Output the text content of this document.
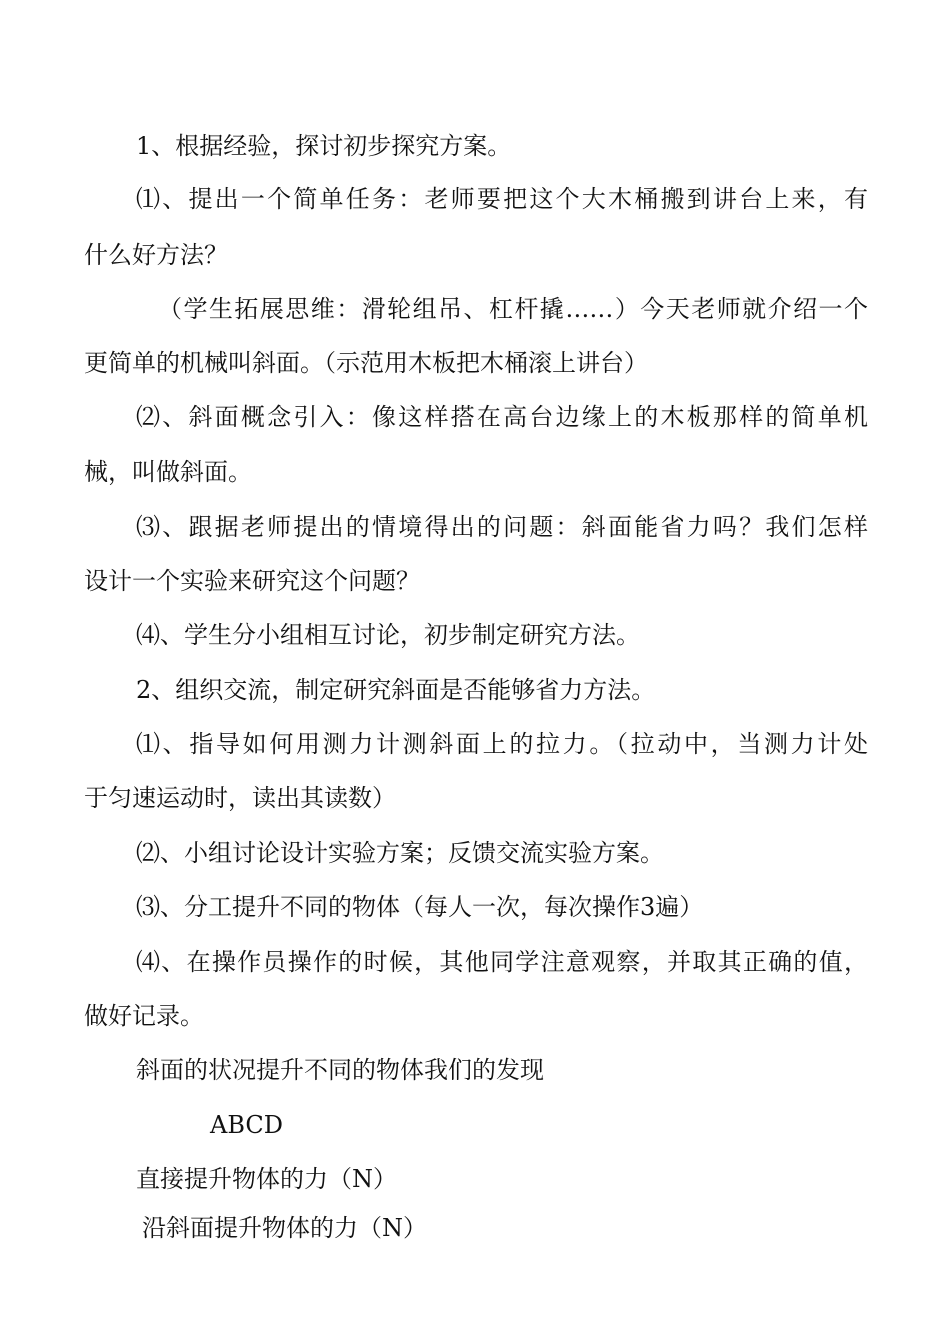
1、根据经验，探讨初步探究方案。
⑴、提出一个简单任务：老师要把这个大木桶搬到讲台上来，有
什么好方法？
（学生拓展思维：滑轮组吊、杠杆撬……）今天老师就介绍一个
更简单的机械叫斜面。（示范用木板把木桶滚上讲台）
⑵、斜面概念引入：像这样搭在高台边缘上的木板那样的简单机
械，叫做斜面。
⑶、跟据老师提出的情境得出的问题：斜面能省力吗？我们怎样
设计一个实验来研究这个问题？
⑷、学生分小组相互讨论，初步制定研究方法。
2、组织交流，制定研究斜面是否能够省力方法。
⑴、指导如何用测力计测斜面上的拉力。（拉动中，当测力计处
于匀速运动时，读出其读数）
⑵、小组讨论设计实验方案；反馈交流实验方案。
⑶、分工提升不同的物体（每人一次，每次操作3遍）
⑷、在操作员操作的时候，其他同学注意观察，并取其正确的值，
做好记录。
斜面的状况提升不同的物体我们的发现
ABCD
直接提升物体的力（N）
沿斜面提升物体的力（N）
